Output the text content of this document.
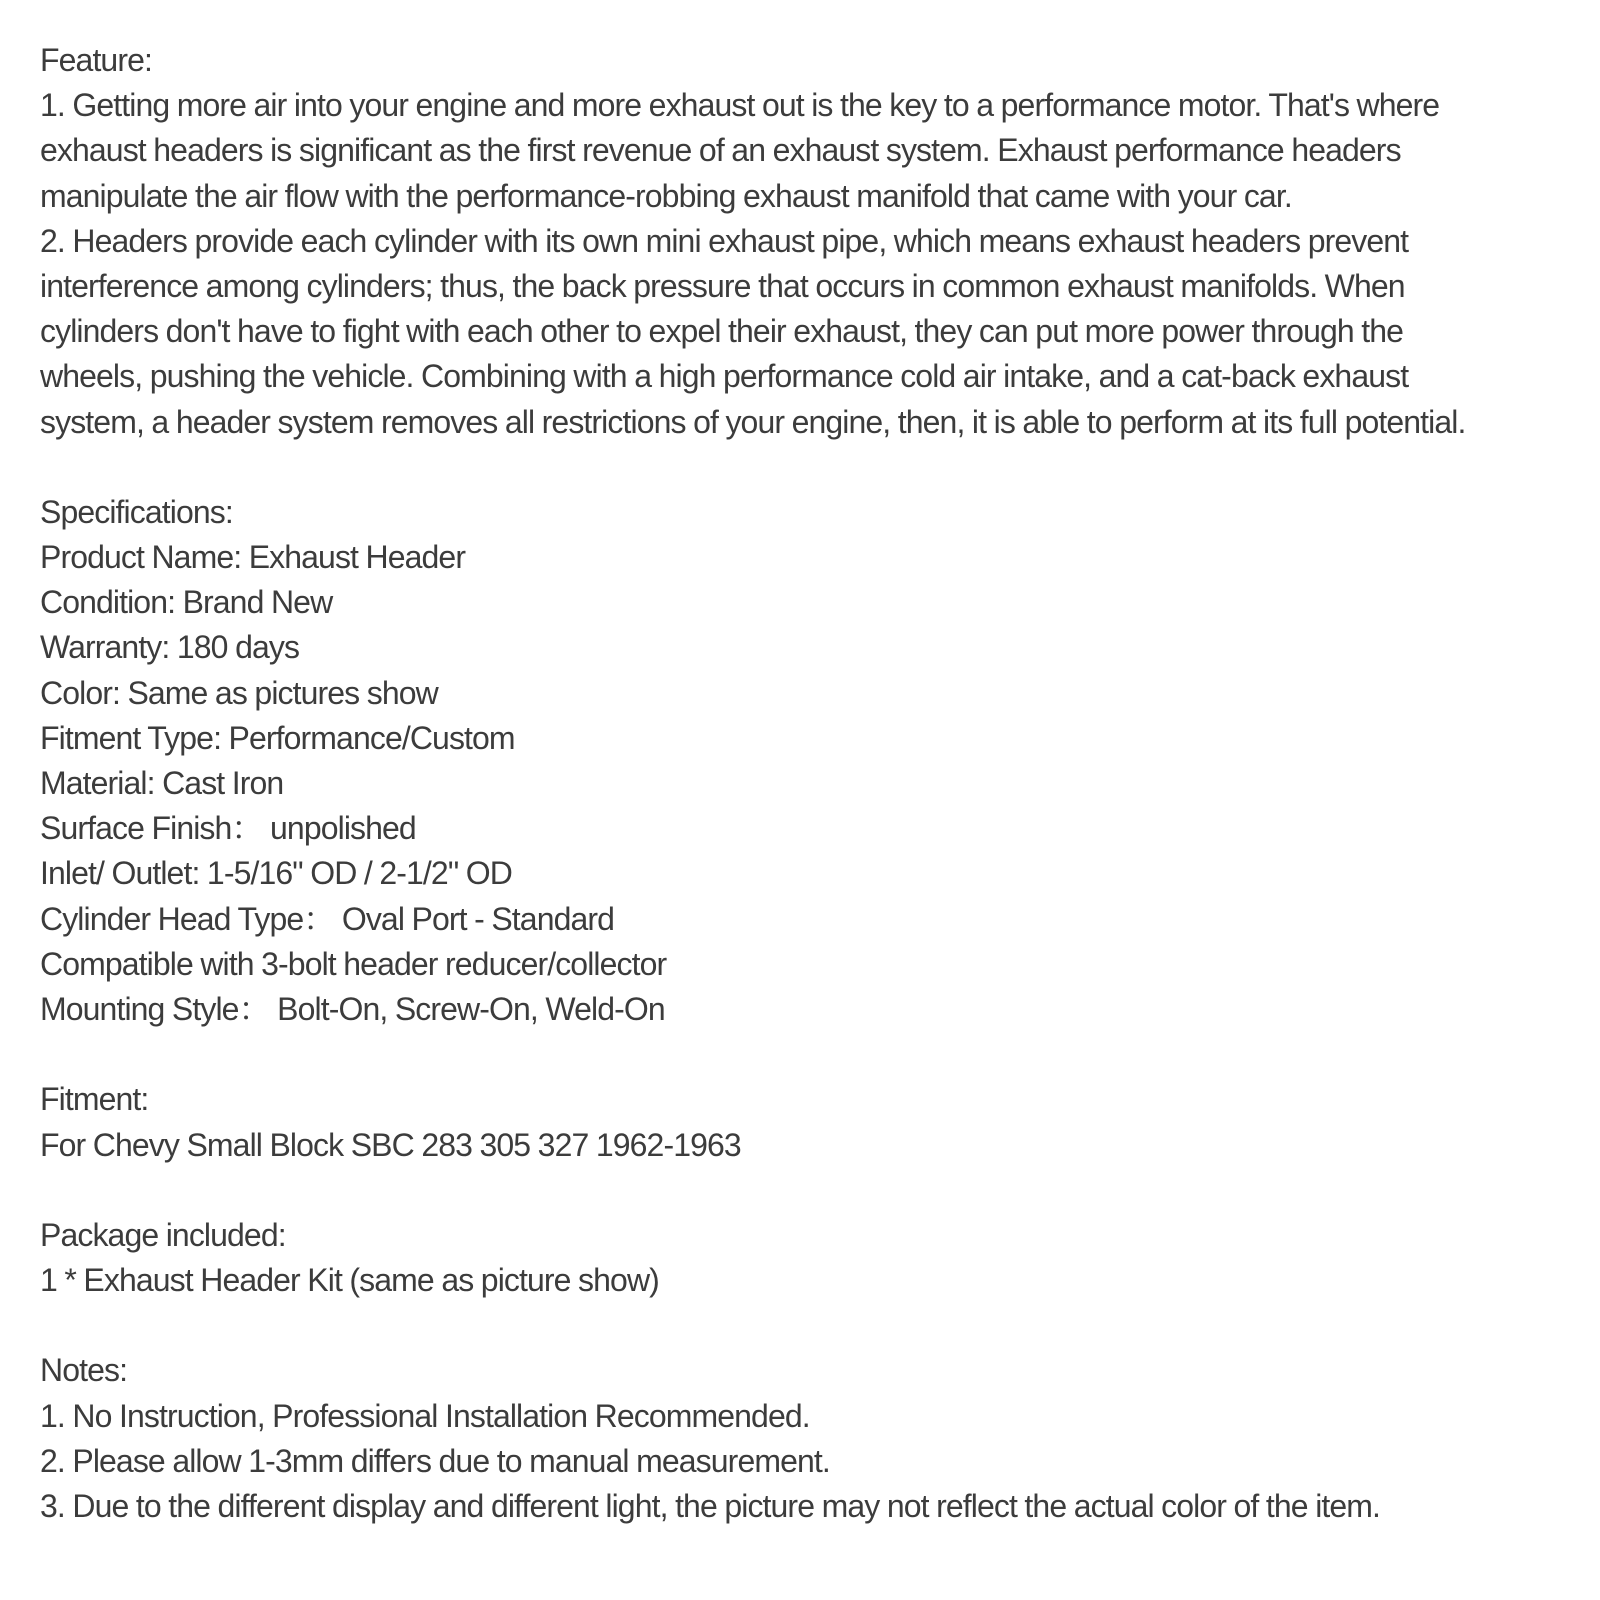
Feature:
1. Getting more air into your engine and more exhaust out is the key to a performance motor. That's where
exhaust headers is significant as the first revenue of an exhaust system. Exhaust performance headers
manipulate the air flow with the performance-robbing exhaust manifold that came with your car.
2. Headers provide each cylinder with its own mini exhaust pipe, which means exhaust headers prevent
interference among cylinders; thus, the back pressure that occurs in common exhaust manifolds. When
cylinders don't have to fight with each other to expel their exhaust, they can put more power through the
wheels, pushing the vehicle. Combining with a high performance cold air intake, and a cat-back exhaust
system, a header system removes all restrictions of your engine, then, it is able to perform at its full potential.
Specifications:
Product Name: Exhaust Header
Condition: Brand New
Warranty: 180 days
Color: Same as pictures show
Fitment Type: Performance/Custom
Material: Cast Iron
Surface Finish： unpolished
Inlet/ Outlet: 1-5/16" OD / 2-1/2" OD
Cylinder Head Type： Oval Port - Standard
Compatible with 3-bolt header reducer/collector
Mounting Style： Bolt-On, Screw-On, Weld-On
Fitment:
For Chevy Small Block SBC 283 305 327 1962-1963
Package included:
1 * Exhaust Header Kit (same as picture show)
Notes:
1. No Instruction, Professional Installation Recommended.
2. Please allow 1-3mm differs due to manual measurement.
3. Due to the different display and different light, the picture may not reflect the actual color of the item.
